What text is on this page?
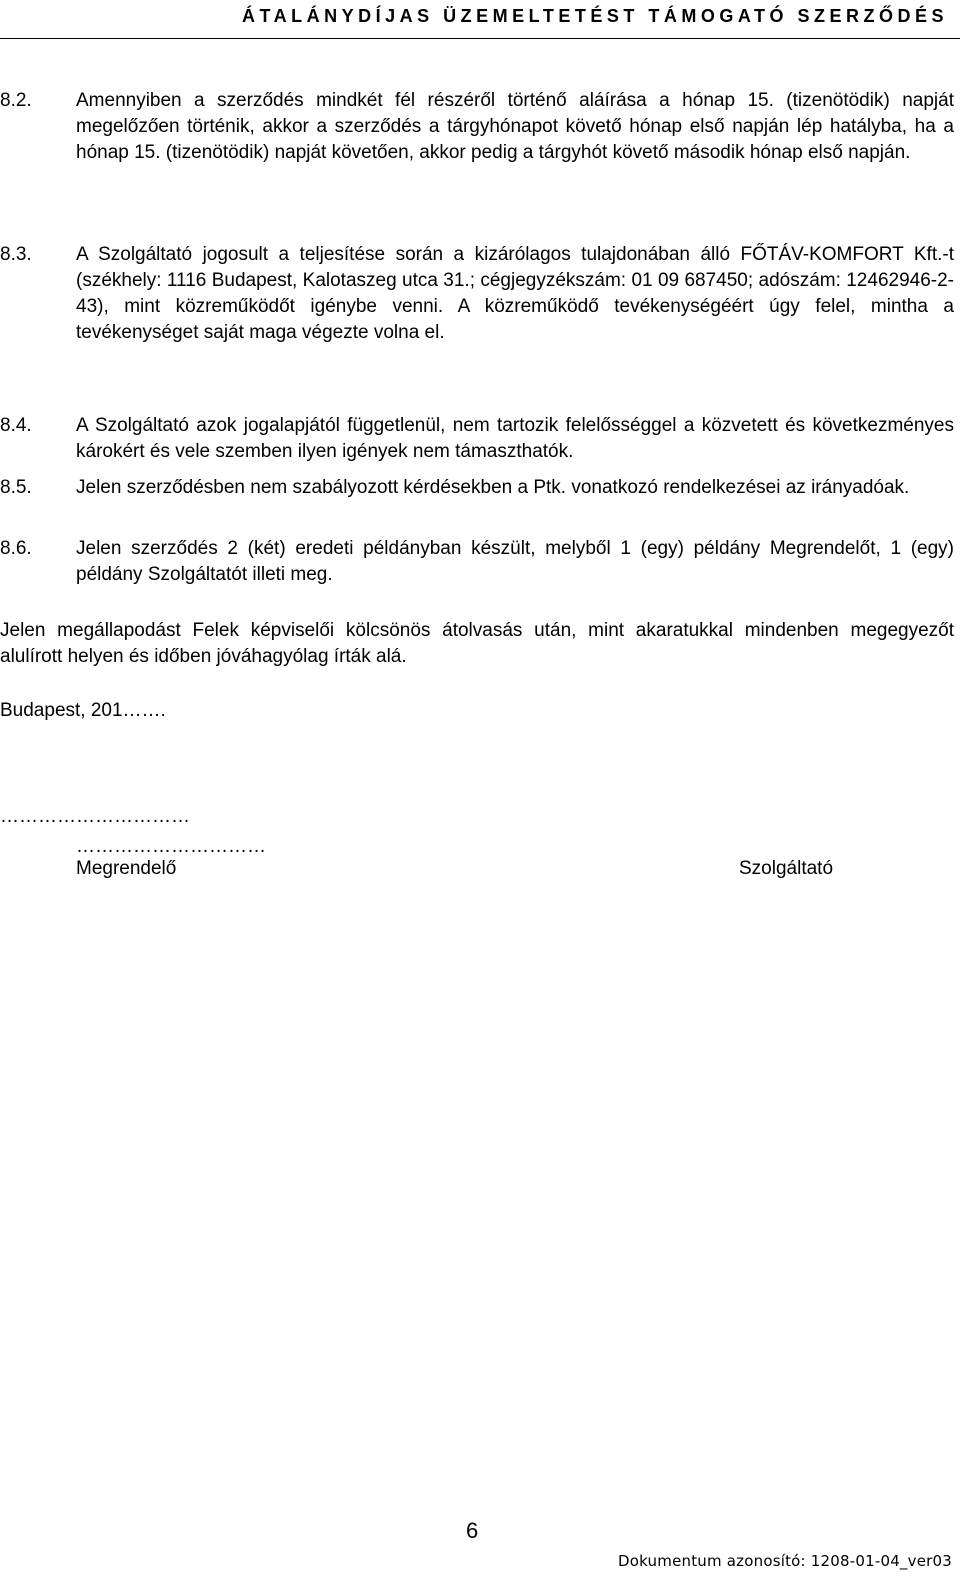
ÁTALÁNYDÍJAS ÜZEMELTETÉST TÁMOGATÓ SZERZŐDÉS
8.2. Amennyiben a szerződés mindkét fél részéről történő aláírása a hónap 15. (tizenötödik) napját megelőzően történik, akkor a szerződés a tárgyhónapot követő hónap első napján lép hatályba, ha a hónap 15. (tizenötödik) napját követően, akkor pedig a tárgyhót követő második hónap első napján.
8.3. A Szolgáltató jogosult a teljesítése során a kizárólagos tulajdonában álló FŐTÁV-KOMFORT Kft.-t (székhely: 1116 Budapest, Kalotaszeg utca 31.; cégjegyzékszám: 01 09 687450; adószám: 12462946-2-43), mint közreműködőt igénybe venni. A közreműködő tevékenységéért úgy felel, mintha a tevékenységet saját maga végezte volna el.
8.4. A Szolgáltató azok jogalapjától függetlenül, nem tartozik felelősséggel a közvetett és következményes károkért és vele szemben ilyen igények nem támaszthatók.
8.5. Jelen szerződésben nem szabályozott kérdésekben a Ptk. vonatkozó rendelkezései az irányadóak.
8.6. Jelen szerződés 2 (két) eredeti példányban készült, melyből 1 (egy) példány Megrendelőt, 1 (egy) példány Szolgáltatót illeti meg.
Jelen megállapodást Felek képviselői kölcsönös átolvasás után, mint akaratukkal mindenben megegyezőt alulírott helyen és időben jóváhagyólag írták alá.
Budapest, 201…….
…………………………
…………………………
Megrendelő	Szolgáltató
6
Dokumentum azonosító: 1208-01-04_ver03
